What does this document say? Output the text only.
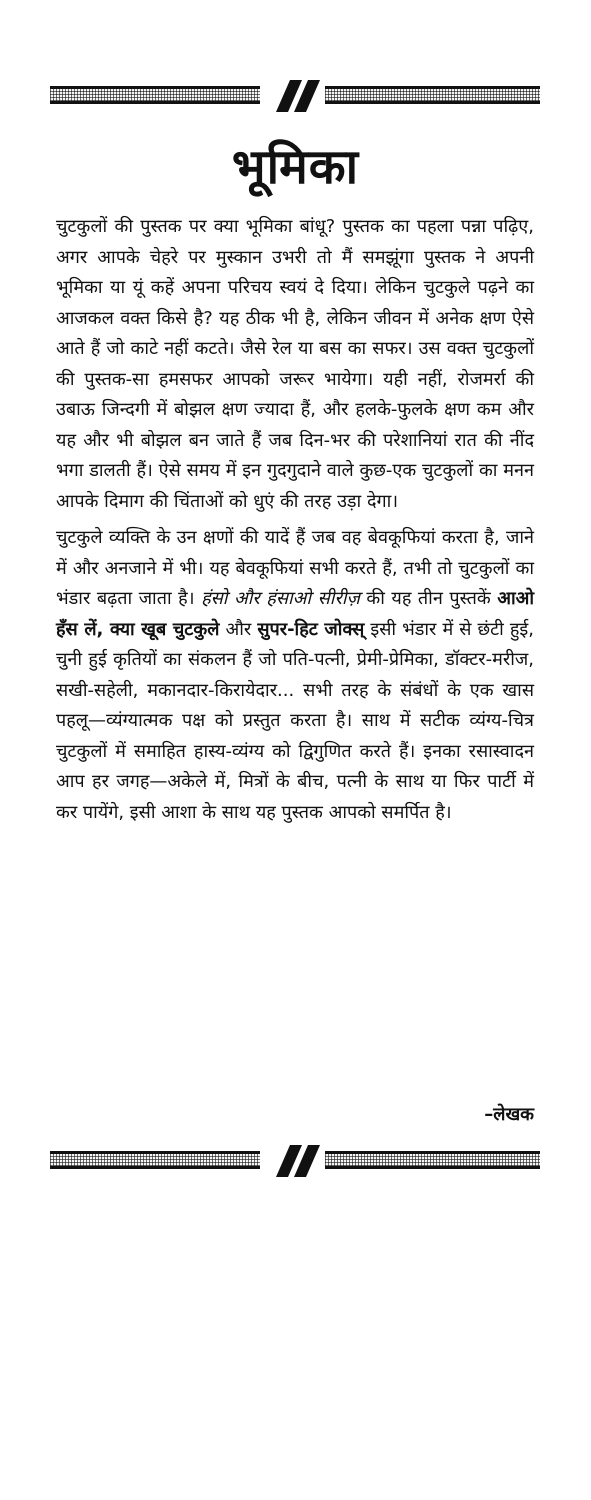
भूमिका

चुटकुलों की पुस्तक पर क्या भूमिका बांधू? पुस्तक का पहला पन्ना पढ़िए, अगर आपके चेहरे पर मुस्कान उभरी तो मैं समझूंगा पुस्तक ने अपनी भूमिका या यूं कहें अपना परिचय स्वयं दे दिया। लेकिन चुटकुले पढ़ने का आजकल वक्त किसे है? यह ठीक भी है, लेकिन जीवन में अनेक क्षण ऐसे आते हैं जो काटे नहीं कटते। जैसे रेल या बस का सफर। उस वक्त चुटकुलों की पुस्तक-सा हमसफर आपको जरूर भायेगा। यही नहीं, रोजमर्रा की उबाऊ जिन्दगी में बोझल क्षण ज्यादा हैं, और हलके-फुलके क्षण कम और यह और भी बोझल बन जाते हैं जब दिन-भर की परेशानियां रात की नींद भगा डालती हैं। ऐसे समय में इन गुदगुदाने वाले कुछ-एक चुटकुलों का मनन आपके दिमाग की चिंताओं को धुएं की तरह उड़ा देगा।

चुटकुले व्यक्ति के उन क्षणों की यादें हैं जब वह बेवकूफियां करता है, जाने में और अनजाने में भी। यह बेवकूफियां सभी करते हैं, तभी तो चुटकुलों का भंडार बढ़ता जाता है। हंसो और हंसाओ सीरीज़ की यह तीन पुस्तकें आओ हँस लें, क्या खूब चुटकुले और सुपर-हिट जोक्स् इसी भंडार में से छंटी हुई, चुनी हुई कृतियों का संकलन हैं जो पति-पत्नी, प्रेमी-प्रेमिका, डॉक्टर-मरीज, सखी-सहेली, मकानदार-किरायेदार... सभी तरह के संबंधों के एक खास पहलू—व्यंग्यात्मक पक्ष को प्रस्तुत करता है। साथ में सटीक व्यंग्य-चित्र चुटकुलों में समाहित हास्य-व्यंग्य को द्विगुणित करते हैं। इनका रसास्वादन आप हर जगह—अकेले में, मित्रों के बीच, पत्नी के साथ या फिर पार्टी में कर पायेंगे, इसी आशा के साथ यह पुस्तक आपको समर्पित है।

–लेखक
